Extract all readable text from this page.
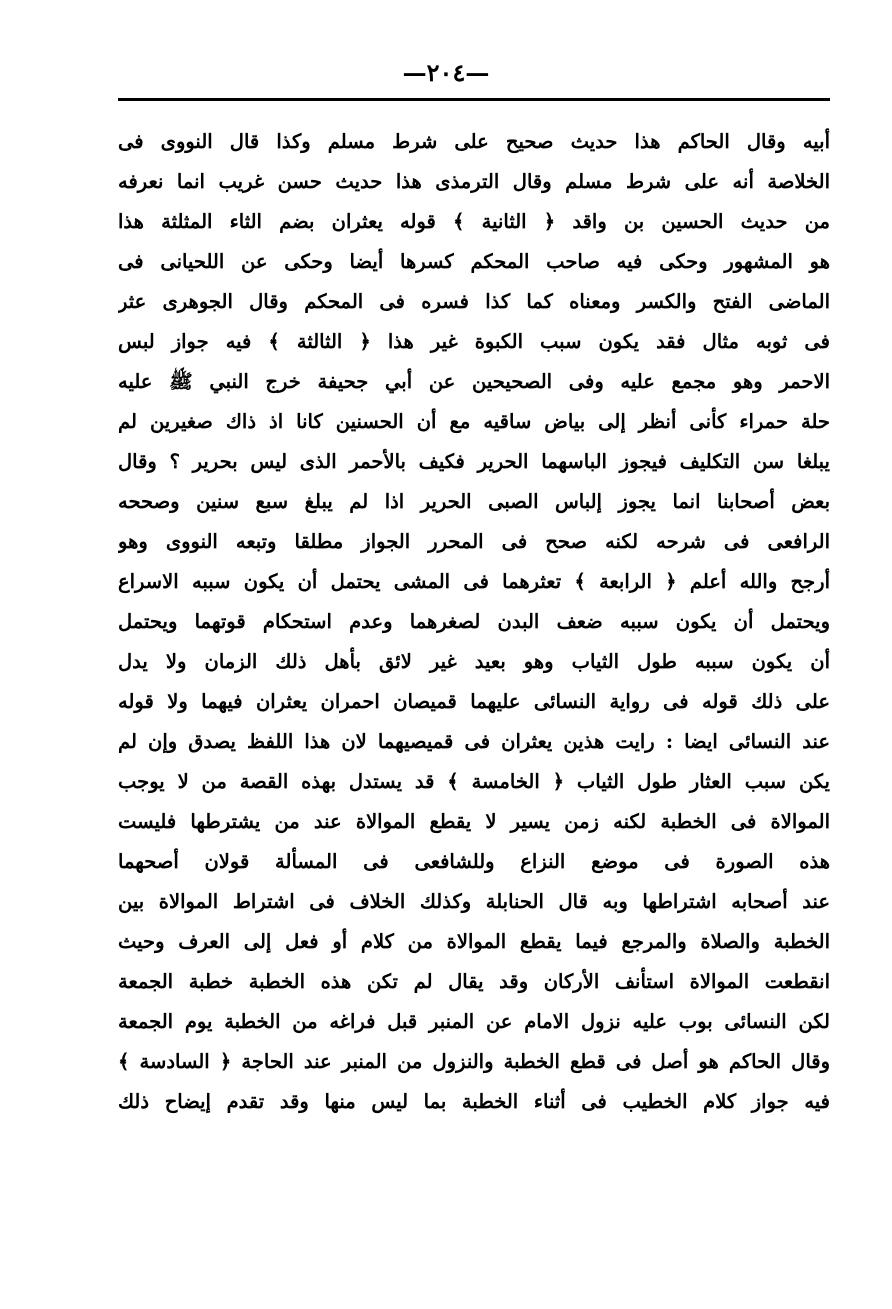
—٢٠٤—
أبيه وقال الحاكم هذا حديث صحيح على شرط مسلم وكذا قال النووى فى
الخلاصة أنه على شرط مسلم وقال الترمذى هذا حديث حسن غريب انما نعرفه
من حديث الحسين بن واقد ﴿ الثانية ﴾ قوله يعثران بضم الثاء المثلثة هذا
هو المشهور وحكى فيه صاحب المحكم كسرها أيضا وحكى عن اللحيانى فى
الماضى الفتح والكسر ومعناه كما كذا فسره فى المحكم وقال الجوهرى عثر
فى ثوبه مثال فقد يكون سبب الكبوة غير هذا ﴿ الثالثة ﴾ فيه جواز لبس
الاحمر وهو مجمع عليه وفى الصحيحين عن أبي جحيفة خرج النبي ﷺ عليه
حلة حمراء كأنى أنظر إلى بياض ساقيه مع أن الحسنين كانا اذ ذاك صغيرين لم
يبلغا سن التكليف فيجوز الباسهما الحرير فكيف بالأحمر الذى ليس بحرير ؟ وقال
بعض أصحابنا انما يجوز إلباس الصبى الحرير اذا لم يبلغ سبع سنين وصححه
الرافعى فى شرحه لكنه صحح فى المحرر الجواز مطلقا وتبعه النووى وهو
أرجح والله أعلم ﴿ الرابعة ﴾ تعثرهما فى المشى يحتمل أن يكون سببه الاسراع
ويحتمل أن يكون سببه ضعف البدن لصغرهما وعدم استحكام قوتهما ويحتمل
أن يكون سببه طول الثياب وهو بعيد غير لائق بأهل ذلك الزمان ولا يدل
على ذلك قوله فى رواية النسائى عليهما قميصان احمران يعثران فيهما ولا قوله
عند النسائى ايضا : رايت هذين يعثران فى قميصيهما لان هذا اللفظ يصدق وإن لم
يكن سبب العثار طول الثياب ﴿ الخامسة ﴾ قد يستدل بهذه القصة من لا يوجب
الموالاة فى الخطبة لكنه زمن يسير لا يقطع الموالاة عند من يشترطها فليست
هذه الصورة فى موضع النزاع وللشافعى فى المسألة قولان أصحهما
عند أصحابه اشتراطها وبه قال الحنابلة وكذلك الخلاف فى اشتراط الموالاة بين
الخطبة والصلاة والمرجع فيما يقطع الموالاة من كلام أو فعل إلى العرف وحيث
انقطعت الموالاة استأنف الأركان وقد يقال لم تكن هذه الخطبة خطبة الجمعة
لكن النسائى بوب عليه نزول الامام عن المنبر قبل فراغه من الخطبة يوم الجمعة
وقال الحاكم هو أصل فى قطع الخطبة والنزول من المنبر عند الحاجة ﴿ السادسة ﴾
فيه جواز كلام الخطيب فى أثناء الخطبة بما ليس منها وقد تقدم إيضاح ذلك
